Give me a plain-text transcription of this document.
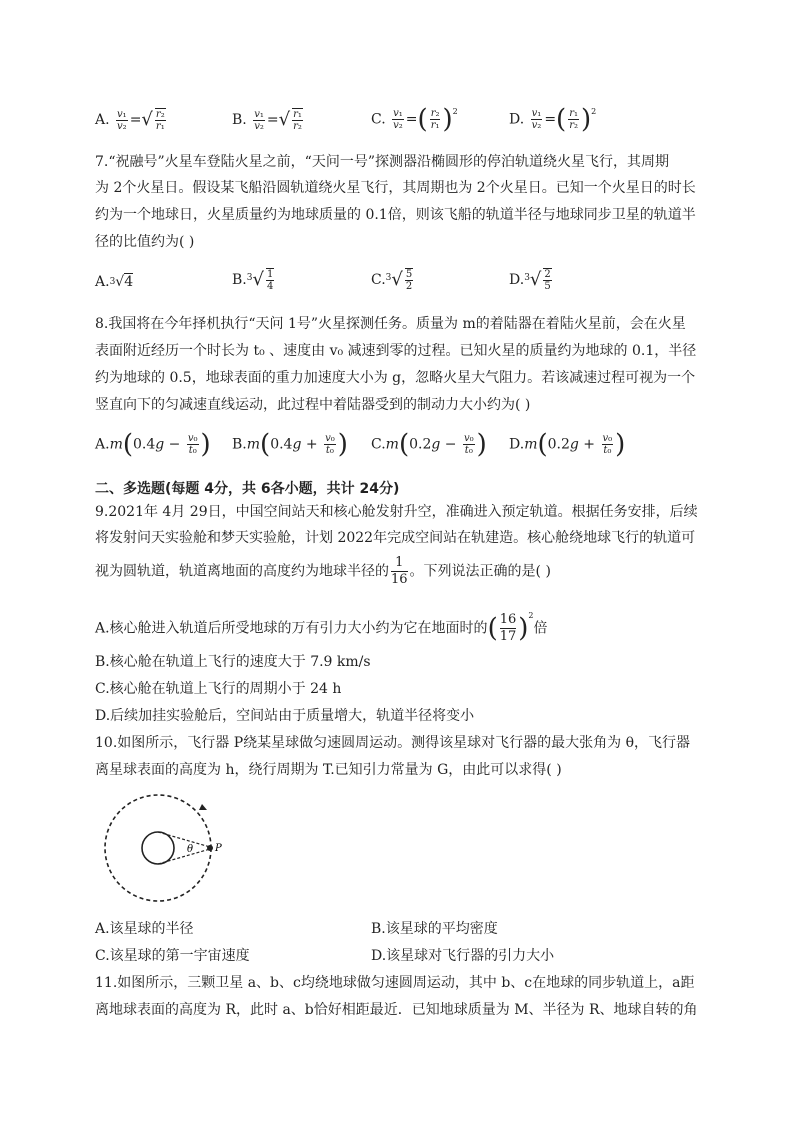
A. $\frac{\text{v₁}}{\text{v₂}}$ =√ $\frac{\text{r₂}}{\text{r₁}}$	B. $\frac{\text{v₁}}{\text{v₂}}$ =√ $\frac{\text{r₁}}{\text{r₂}}$	C. $\frac{\text{v₁}}{\text{v₂}}$ =( $\frac{\text{r₂}}{\text{r₁}} )^2$	D. $\frac{\text{v₁}}{\text{v₂}}$ =( $\frac{\text{r₁}}{\text{r₂}} )^2$
7.“祝融号”火星车登陆火星之前，“天问一号”探测器沿椭圆形的停泊轨道绕火星飞行，其周期
为 2个火星日。假设某飞船沿圆轨道绕火星飞行，其周期也为 2个火星日。已知一个火星日的时长
约为一个地球日，火星质量约为地球质量的 0.1倍，则该飞船的轨道半径与地球同步卫星的轨道半
径的比值约为( )
A.$^3$√4	$B.^3√ \frac{1}{4}$	$C.^3√ \frac{5}{2}$	$D.^3√ \frac{2}{5}$
8.我国将在今年择机执行“天问 1号”火星探测任务。质量为 m的着陆器在着陆火星前，会在火星
表面附近经历一个时长为 t₀ 、速度由 v₀ 减速到零的过程。已知火星的质量约为地球的 0.1，半径
约为地球的 0.5，地球表面的重力加速度大小为 g，忽略火星大气阻力。若该减速过程可视为一个
竖直向下的匀减速直线运动，此过程中着陆器受到的制动力大小约为( )
$A.m(0.4g - \frac{\text{v₀}}{\text{t₀}}$ ) $B.m(0.4g + \frac{\text{v₀}}{\text{t₀}}$ ) $C.m(0.2g - \frac{\text{v₀}}{\text{t₀}}$ ) $D.m(0.2g + \frac{\text{v₀}}{\text{t₀}}$ )
二、多选题(每题 4分，共 6各小题，共计 24分)
9.2021年 4月 29日，中国空间站天和核心舱发射升空，准确进入预定轨道。根据任务安排，后续
将发射问天实验舱和梦天实验舱，计划 2022年完成空间站在轨建造。核心舱绕地球飞行的轨道可
视为圆轨道，轨道离地面的高度约为地球半径的 $\frac{1}{16}$ 。下列说法正确的是( )
A.核心舱进入轨道后所受地球的万有引力大小约为它在地面时的( $\frac{16}{17} )^2$倍
B.核心舱在轨道上飞行的速度大于 7.9 km/s
C.核心舱在轨道上飞行的周期小于 24 h
D.后续加挂实验舱后，空间站由于质量增大，轨道半径将变小
10.如图所示，飞行器 P绕某星球做匀速圆周运动。测得该星球对飞行器的最大张角为 θ，飞行器
离星球表面的高度为 h，绕行周期为 T.已知引力常量为 G，由此可以求得( )
θ P
A.该星球的半径	B.该星球的平均密度
C.该星球的第一宇宙速度	D.该星球对飞行器的引力大小
11.如图所示，三颗卫星 a、b、c均绕地球做匀速圆周运动，其中 b、c在地球的同步轨道上，a距
离地球表面的高度为 R，此时 a、b恰好相距最近．已知地球质量为 M、半径为 R、地球自转的角
